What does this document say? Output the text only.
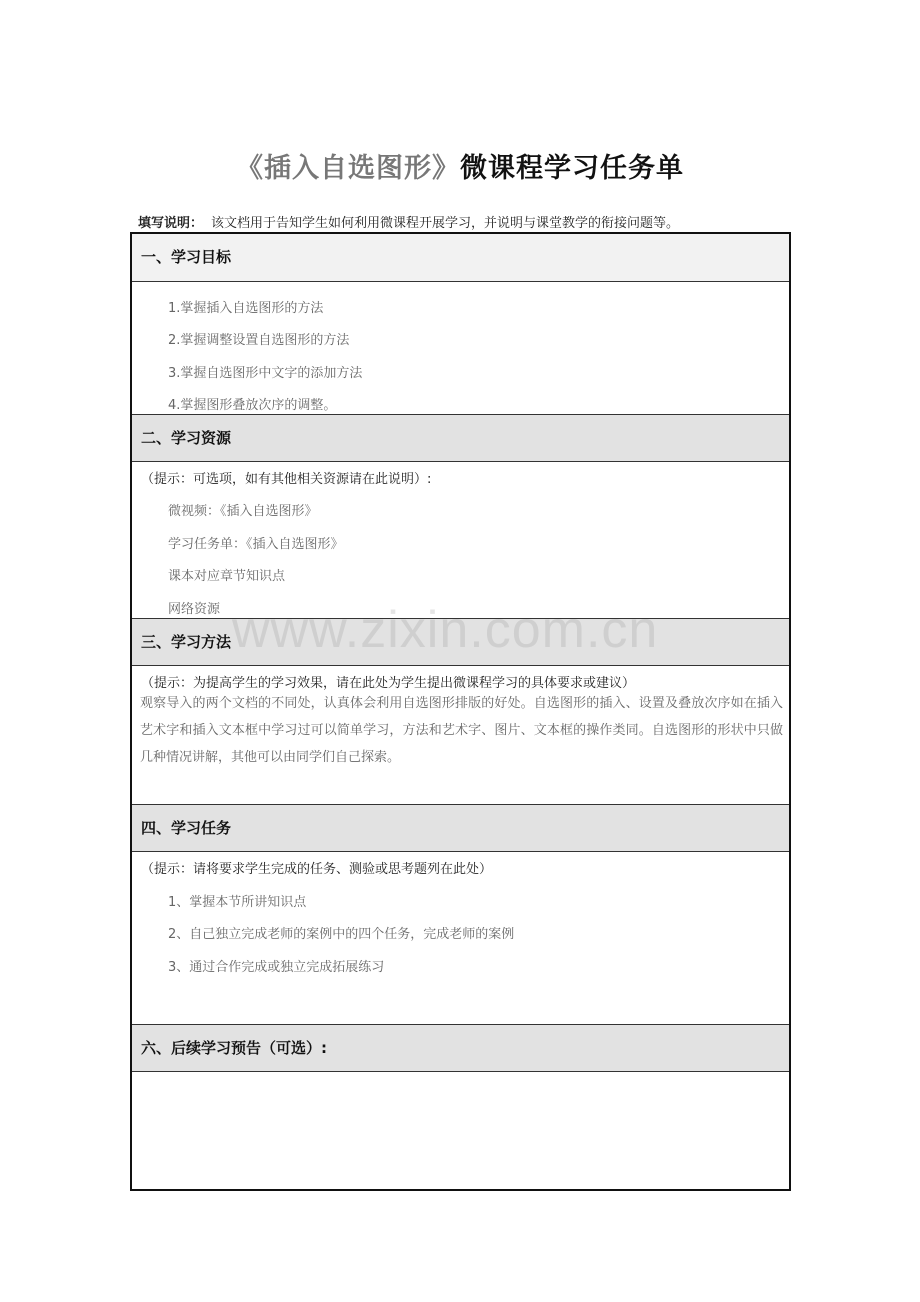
《插入自选图形》微课程学习任务单
填写说明： 该文档用于告知学生如何利用微课程开展学习，并说明与课堂教学的衔接问题等。
一、学习目标
1.掌握插入自选图形的方法
2.掌握调整设置自选图形的方法
3.掌握自选图形中文字的添加方法
4.掌握图形叠放次序的调整。
二、学习资源
（提示：可选项，如有其他相关资源请在此说明）:
微视频：《插入自选图形》
学习任务单：《插入自选图形》
课本对应章节知识点
网络资源
三、学习方法
（提示：为提高学生的学习效果，请在此处为学生提出微课程学习的具体要求或建议）
观察导入的两个文档的不同处，认真体会利用自选图形排版的好处。自选图形的插入、设置及叠放次序如在插入艺术字和插入文本框中学习过可以简单学习，方法和艺术字、图片、文本框的操作类同。自选图形的形状中只做几种情况讲解，其他可以由同学们自己探索。
四、学习任务
（提示：请将要求学生完成的任务、测验或思考题列在此处）
1、掌握本节所讲知识点
2、自己独立完成老师的案例中的四个任务，完成老师的案例
3、通过合作完成或独立完成拓展练习
六、后续学习预告（可选）:
www.zixin.com.cn
